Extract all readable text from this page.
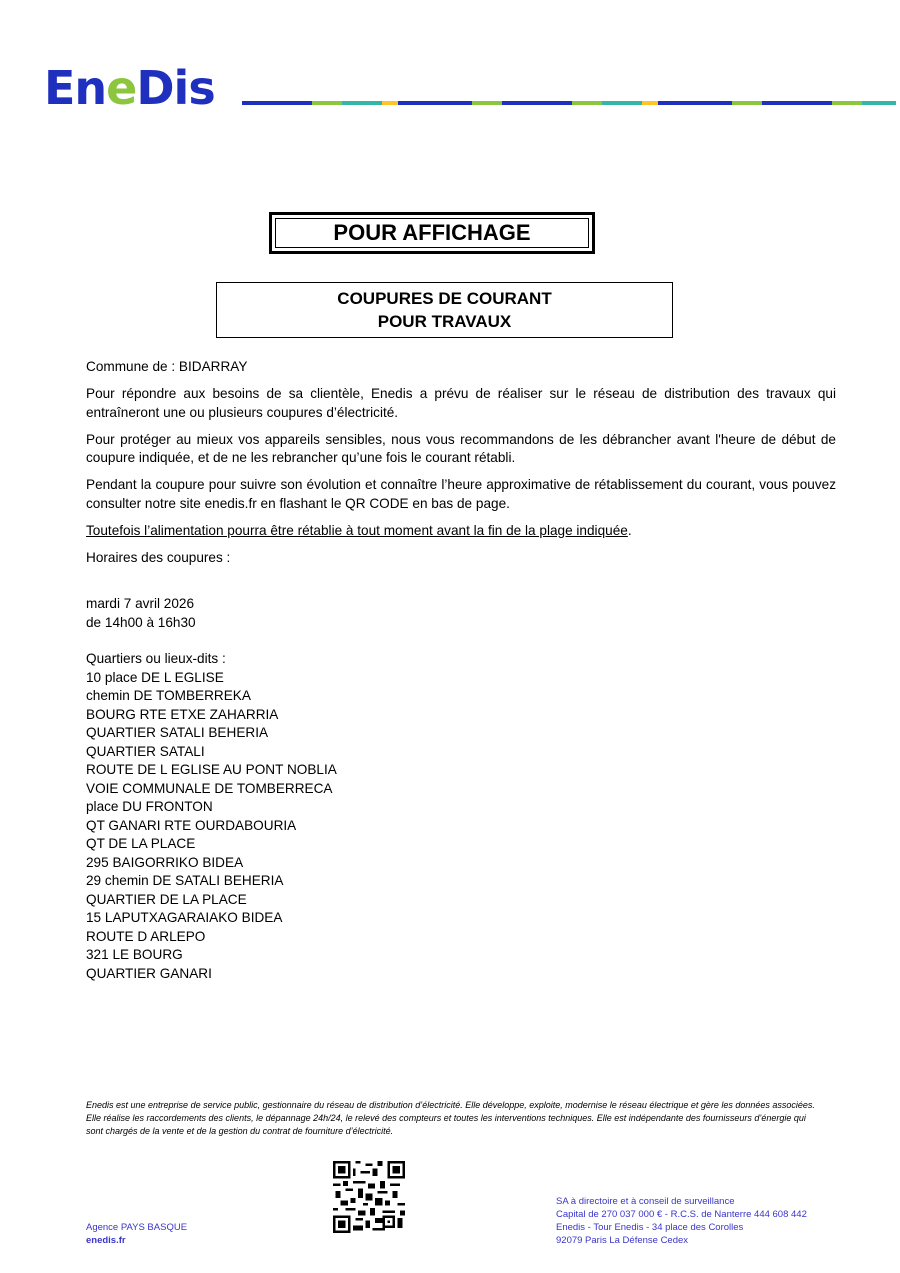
EneDis
POUR AFFICHAGE
COUPURES DE COURANT
POUR TRAVAUX

Commune de : BIDARRAY

Pour répondre aux besoins de sa clientèle, Enedis a prévu de réaliser sur le réseau de distribution des travaux qui entraîneront une ou plusieurs coupures d’électricité.

Pour protéger au mieux vos appareils sensibles, nous vous recommandons de les débrancher avant l'heure de début de coupure indiquée, et de ne les rebrancher qu’une fois le courant rétabli.

Pendant la coupure pour suivre son évolution et connaître l’heure approximative de rétablissement du courant, vous pouvez consulter notre site enedis.fr en flashant le QR CODE en bas de page.

Toutefois l’alimentation pourra être rétablie à tout moment avant la fin de la plage indiquée.

Horaires des coupures :

mardi 7 avril 2026
de 14h00 à 16h30
Quartiers ou lieux-dits :
10 place DE L EGLISE
chemin DE TOMBERREKA
BOURG RTE ETXE ZAHARRIA
QUARTIER SATALI BEHERIA
QUARTIER SATALI
ROUTE DE L EGLISE AU PONT NOBLIA
VOIE COMMUNALE DE TOMBERRECA
place DU FRONTON
QT GANARI RTE OURDABOURIA
QT DE LA PLACE
295 BAIGORRIKO BIDEA
29 chemin DE SATALI BEHERIA
QUARTIER DE LA PLACE
15 LAPUTXAGARAIAKO BIDEA
ROUTE D ARLEPO
321 LE BOURG
QUARTIER GANARI
Enedis est une entreprise de service public, gestionnaire du réseau de distribution d’électricité. Elle développe, exploite, modernise le réseau électrique et gère les données associées. Elle réalise les raccordements des clients, le dépannage 24h/24, le relevé des compteurs et toutes les interventions techniques. Elle est indépendante des fournisseurs d’énergie qui sont chargés de la vente et de la gestion du contrat de fourniture d’électricité.
Agence PAYS BASQUE
enedis.fr
SA à directoire et à conseil de surveillance
Capital de 270 037 000 € - R.C.S. de Nanterre 444 608 442
Enedis - Tour Enedis - 34 place des Corolles
92079 Paris La Défense Cedex
